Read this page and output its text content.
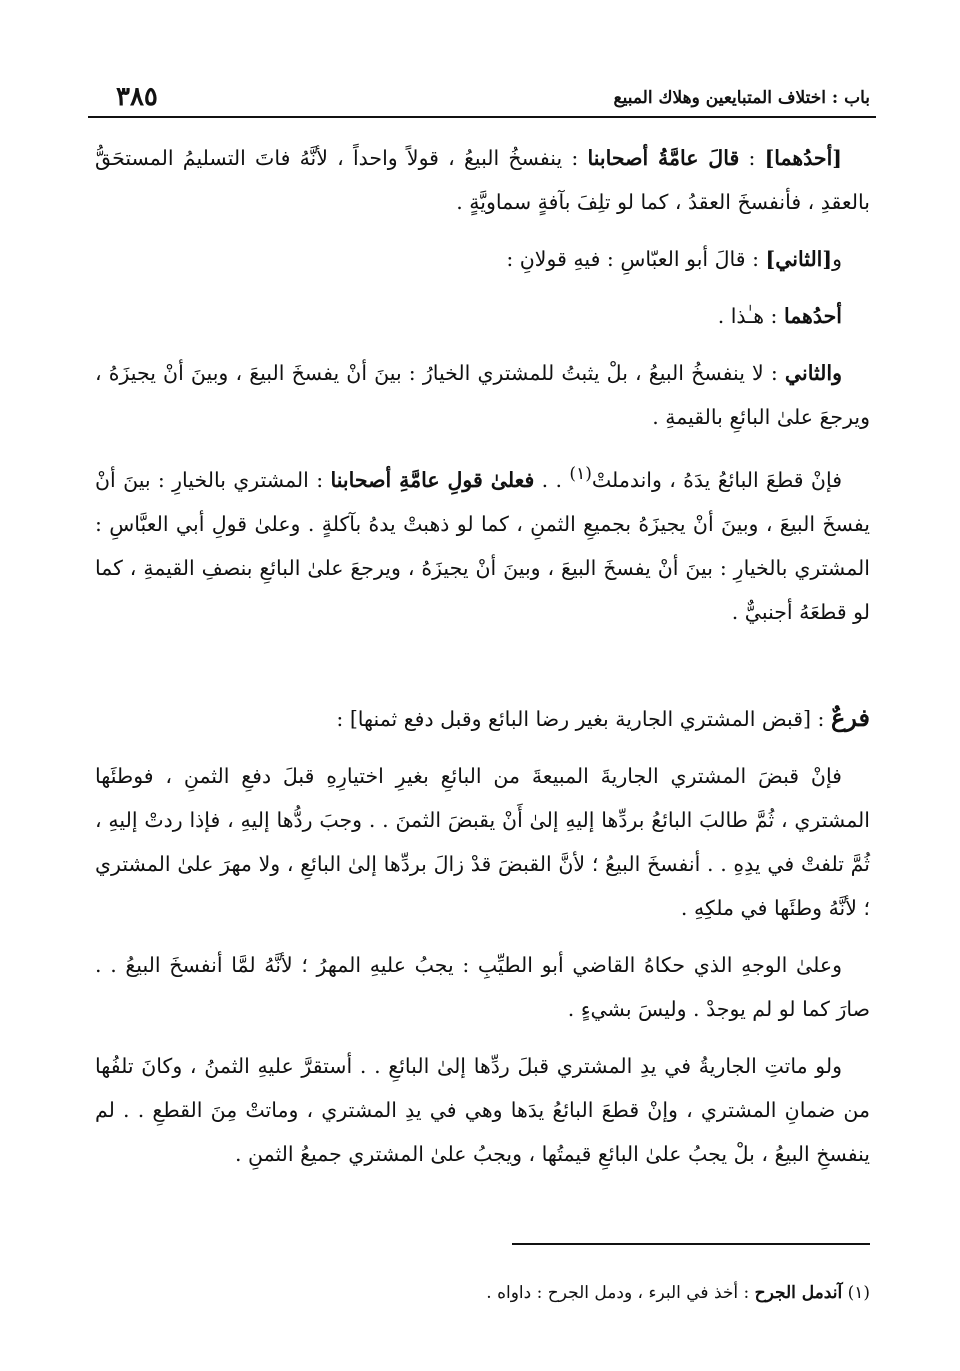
٣٨٥	باب : اختلاف المتبايعين وهلاك المبيع

[أحدُهما] : قالَ عامَّةُ أصحابنا : ينفسخُ البيعُ ، قولاً واحداً ، لأنَّهُ فاتَ التسليمُ المستحَقُّ بالعقدِ ، فأنفسخَ العقدُ ، كما لو تلِفَ بآفةٍ سماويَّةٍ .

و[الثاني] : قالَ أبو العبّاسِ : فيهِ قولانِ :

أحدُهما : هـٰذا .

والثاني : لا ينفسخُ البيعُ ، بلْ يثبتُ للمشتري الخيارُ : بينَ أنْ يفسخَ البيعَ ، وبينَ أنْ يجيزَهُ ، ويرجعَ علىٰ البائعِ بالقيمةِ .

فإنْ قطعَ البائعُ يدَهُ ، واندملتْ$^{(١)}$ . . فعلىٰ قولِ عامَّةِ أصحابنا : المشتري بالخيارِ : بينَ أنْ يفسخَ البيعَ ، وبينَ أنْ يجيزَهُ بجميعِ الثمنِ ، كما لو ذهبتْ يدهُ بآكلةٍ . وعلىٰ قولِ أبي العبَّاسِ : المشتري بالخيارِ : بينَ أنْ يفسخَ البيعَ ، وبينَ أنْ يجيزَهُ ، ويرجعَ علىٰ البائعِ بنصفِ القيمةِ ، كما لو قطعَهُ أجنبيٌّ .

فرعٌ : [قبض المشتري الجارية بغير رضا البائع وقبل دفع ثمنها] :

فإنْ قبضَ المشتري الجاريةَ المبيعةَ من البائعِ بغيرِ اختيارِهِ قبلَ دفعِ الثمنِ ، فوطئَها المشتري ، ثُمَّ طالبَ البائعُ بردِّها إليهِ إلىٰ أَنْ يقبضَ الثمنَ . . وجبَ ردُّها إليهِ ، فإذا ردتْ إليهِ ، ثُمَّ تلفتْ في يدِهِ . . أنفسخَ البيعُ ؛ لأنَّ القبضَ قدْ زالَ بردِّها إلىٰ البائعِ ، ولا مهرَ علىٰ المشتري ؛ لأنَّهُ وطئَها في ملكِهِ .

وعلىٰ الوجهِ الذي حكاهُ القاضي أبو الطيِّبِ : يجبُ عليهِ المهرُ ؛ لأنَّهُ لمَّا أنفسخَ البيعُ . . صارَ كما لو لم يوجدْ . وليسَ بشيءٍ .

ولو ماتتِ الجاريةُ في يدِ المشتري قبلَ ردِّها إلىٰ البائعِ . . أستقرَّ عليهِ الثمنُ ، وكانَ تلفُها من ضمانِ المشتري ، وإنْ قطعَ البائعُ يدَها وهي في يدِ المشتري ، وماتتْ مِنَ القطعِ . . لم ينفسخِ البيعُ ، بلْ يجبُ علىٰ البائعِ قيمتُها ، ويجبُ علىٰ المشتري جميعُ الثمنِ .

(١) آندمل الجرح : أخذ في البرء ، ودمل الجرح : داواه .
